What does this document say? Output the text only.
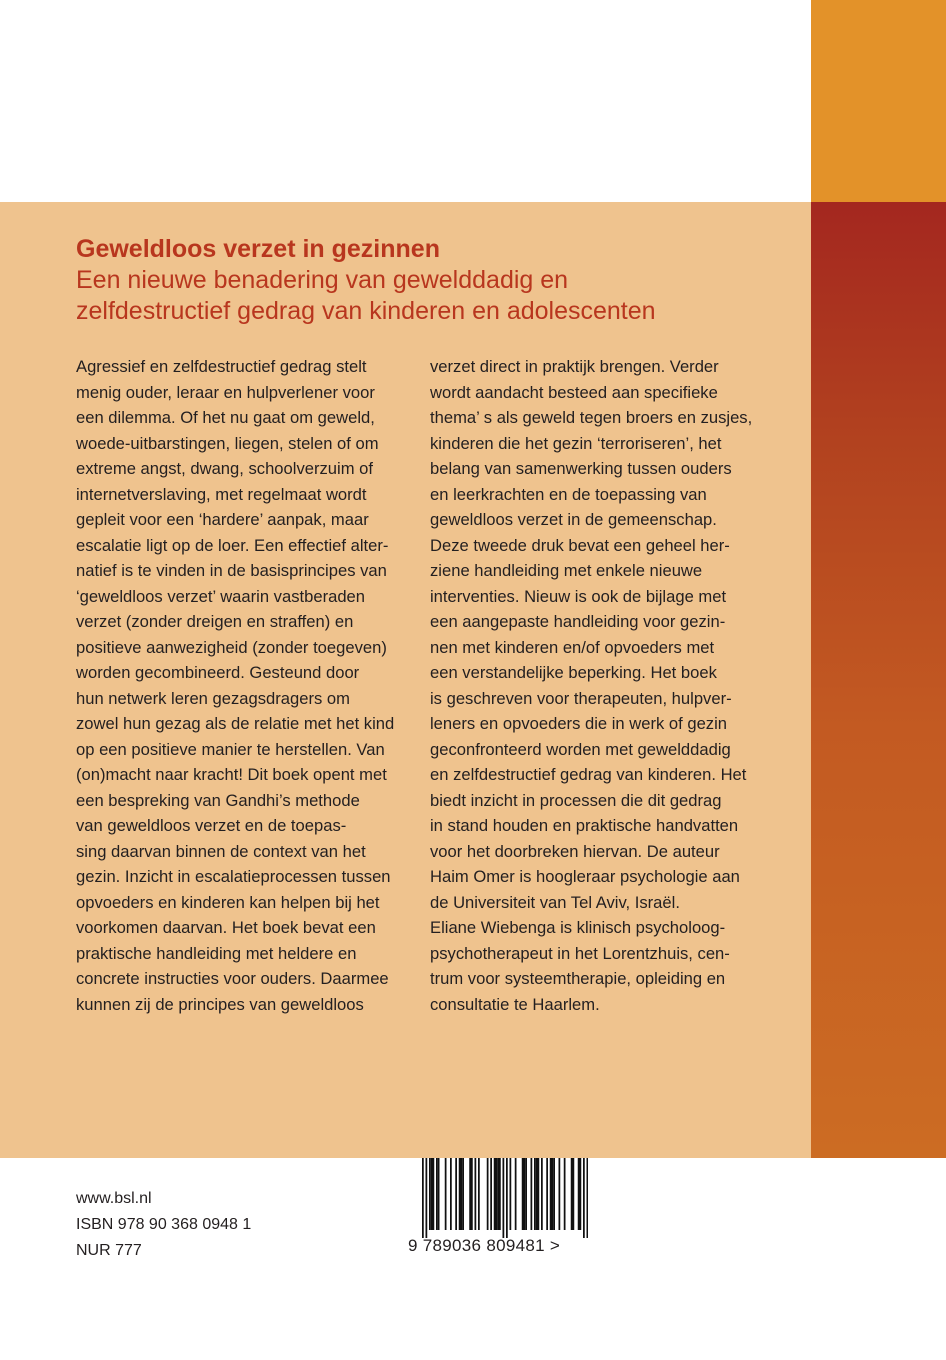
Geweldloos verzet in gezinnen
Een nieuwe benadering van gewelddadig en
zelfdestructief gedrag van kinderen en adolescenten

Agressief en zelfdestructief gedrag stelt
menig ouder, leraar en hulpverlener voor
een dilemma. Of het nu gaat om geweld,
woede-uitbarstingen, liegen, stelen of om
extreme angst, dwang, schoolverzuim of
internetverslaving, met regelmaat wordt
gepleit voor een ‘hardere’ aanpak, maar
escalatie ligt op de loer. Een effectief alter-
natief is te vinden in de basisprincipes van
‘geweldloos verzet’ waarin vastberaden
verzet (zonder dreigen en straffen) en
positieve aanwezigheid (zonder toegeven)
worden gecombineerd. Gesteund door
hun netwerk leren gezagsdragers om
zowel hun gezag als de relatie met het kind
op een positieve manier te herstellen. Van
(on)macht naar kracht! Dit boek opent met
een bespreking van Gandhi’s methode
van geweldloos verzet en de toepas-
sing daarvan binnen de context van het
gezin. Inzicht in escalatieprocessen tussen
opvoeders en kinderen kan helpen bij het
voorkomen daarvan. Het boek bevat een
praktische handleiding met heldere en
concrete instructies voor ouders. Daarmee
kunnen zij de principes van geweldloos

verzet direct in praktijk brengen. Verder
wordt aandacht besteed aan specifieke
thema’ s als geweld tegen broers en zusjes,
kinderen die het gezin ‘terroriseren’, het
belang van samenwerking tussen ouders
en leerkrachten en de toepassing van
geweldloos verzet in de gemeenschap.
Deze tweede druk bevat een geheel her-
ziene handleiding met enkele nieuwe
interventies. Nieuw is ook de bijlage met
een aangepaste handleiding voor gezin-
nen met kinderen en/of opvoeders met
een verstandelijke beperking. Het boek
is geschreven voor therapeuten, hulpver-
leners en opvoeders die in werk of gezin
geconfronteerd worden met gewelddadig
en zelfdestructief gedrag van kinderen. Het
biedt inzicht in processen die dit gedrag
in stand houden en praktische handvatten
voor het doorbreken hiervan. De auteur
Haim Omer is hoogleraar psychologie aan
de Universiteit van Tel Aviv, Israël.
Eliane Wiebenga is klinisch psycholoog-
psychotherapeut in het Lorentzhuis, cen-
trum voor systeemtherapie, opleiding en
consultatie te Haarlem.

www.bsl.nl
ISBN 978 90 368 0948 1
NUR 777	9 789036 809481 >
